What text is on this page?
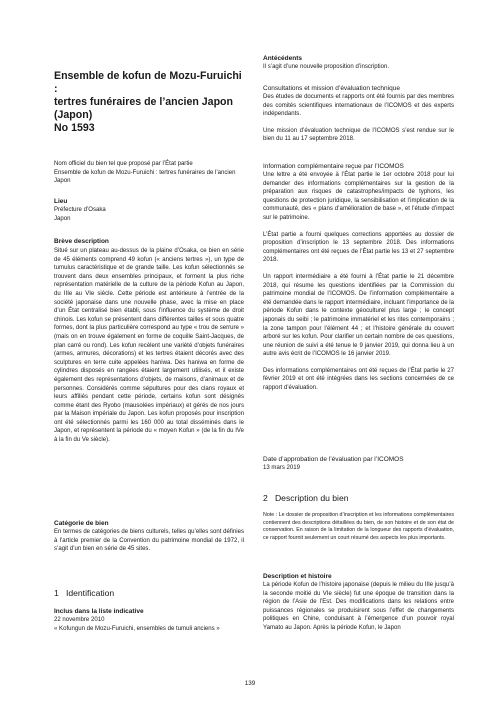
Ensemble de kofun de Mozu-Furuichi :

tertres funéraires de l’ancien Japon

(Japon)

No 1593

Nom officiel du bien tel que proposé par l’État partie

Ensemble de kofun de Mozu-Furuichi : tertres funéraires de l’ancien Japon

Lieu

Préfecture d’Osaka

Japon

Brève description

Situé sur un plateau au-dessus de la plaine d’Osaka, ce bien en série de 45 éléments comprend 49 kofun (« anciens tertres »), un type de tumulus caractéristique et de grande taille. Les kofun sélectionnés se trouvent dans deux ensembles principaux, et forment la plus riche représentation matérielle de la culture de la période Kofun au Japon, du IIIe au VIe siècle. Cette période est antérieure à l’entrée de la société japonaise dans une nouvelle phase, avec la mise en place d’un État centralisé bien établi, sous l’influence du système de droit chinois. Les kofun se présentent dans différentes tailles et sous quatre formes, dont la plus particulière correspond au type « trou de serrure » (mais on en trouve également en forme de coquille Saint-Jacques, de plan carré ou rond). Les kofun recèlent une variété d’objets funéraires (armes, armures, décorations) et les tertres étaient décorés avec des sculptures en terre cuite appelées haniwa. Des haniwa en forme de cylindres disposés en rangées étaient largement utilisés, et il existe également des représentations d’objets, de maisons, d’animaux et de personnes. Considérés comme sépultures pour des clans royaux et leurs affiliés pendant cette période, certains kofun sont désignés comme étant des Ryobo (mausolées impériaux) et gérés de nos jours par la Maison impériale du Japon. Les kofun proposés pour inscription ont été sélectionnés parmi les 160 000 au total disséminés dans le Japon, et représentent la période du « moyen Kofun » (de la fin du IVe à la fin du Ve siècle).

Catégorie de bien

En termes de catégories de biens culturels, telles qu’elles sont définies à l’article premier de la Convention du patrimoine mondial de 1972, il s’agit d’un bien en série de 45 sites.

1 Identification

Inclus dans la liste indicative

22 novembre 2010

« Kofungun de Mozu-Furuichi, ensembles de tumuli anciens »

Antécédents

Il s’agit d’une nouvelle proposition d’inscription.

Consultations et mission d’évaluation technique

Des études de documents et rapports ont été fournis par des membres des comités scientifiques internationaux de l’ICOMOS et des experts indépendants.

Une mission d’évaluation technique de l’ICOMOS s’est rendue sur le bien du 11 au 17 septembre 2018.

Information complémentaire reçue par l’ICOMOS

Une lettre a été envoyée à l’État partie le 1er octobre 2018 pour lui demander des informations complémentaires sur la gestion de la préparation aux risques de catastrophes/impacts de typhons, les questions de protection juridique, la sensibilisation et l’implication de la communauté, des « plans d’amélioration de base », et l’étude d’impact sur le patrimoine.

L’État partie a fourni quelques corrections apportées au dossier de proposition d’inscription le 13 septembre 2018. Des informations complémentaires ont été reçues de l’État partie les 13 et 27 septembre 2018.

Un rapport intermédiaire a été fourni à l’État partie le 21 décembre 2018, qui résume les questions identifiées par la Commission du patrimoine mondial de l’ICOMOS. De l’information complémentaire a été demandée dans le rapport intermédiaire, incluant l’importance de la période Kofun dans le contexte géoculturel plus large ; le concept japonais du seibi ; le patrimoine immatériel et les rites contemporains ; la zone tampon pour l’élément 44 ; et l’histoire générale du couvert arboré sur les kofun. Pour clarifier un certain nombre de ces questions, une réunion de suivi a été tenue le 9 janvier 2019, qui donna lieu à un autre avis écrit de l’ICOMOS le 16 janvier 2019.

Des informations complémentaires ont été reçues de l’État partie le 27 février 2019 et ont été intégrées dans les sections concernées de ce rapport d’évaluation.

Date d’approbation de l’évaluation par l’ICOMOS

13 mars 2019

2 Description du bien

Note : Le dossier de proposition d’inscription et les informations complémentaires contiennent des descriptions détaillées du bien, de son histoire et de son état de conservation. En raison de la limitation de la longueur des rapports d’évaluation, ce rapport fournit seulement un court résumé des aspects les plus importants.

Description et histoire

La période Kofun de l’histoire japonaise (depuis le milieu du IIIe jusqu’à la seconde moitié du VIe siècle) fut une époque de transition dans la région de l’Asie de l’Est. Des modifications dans les relations entre puissances régionales se produisirent sous l’effet de changements politiques en Chine, conduisant à l’émergence d’un pouvoir royal Yamato au Japon. Après la période Kofun, le Japon

139
